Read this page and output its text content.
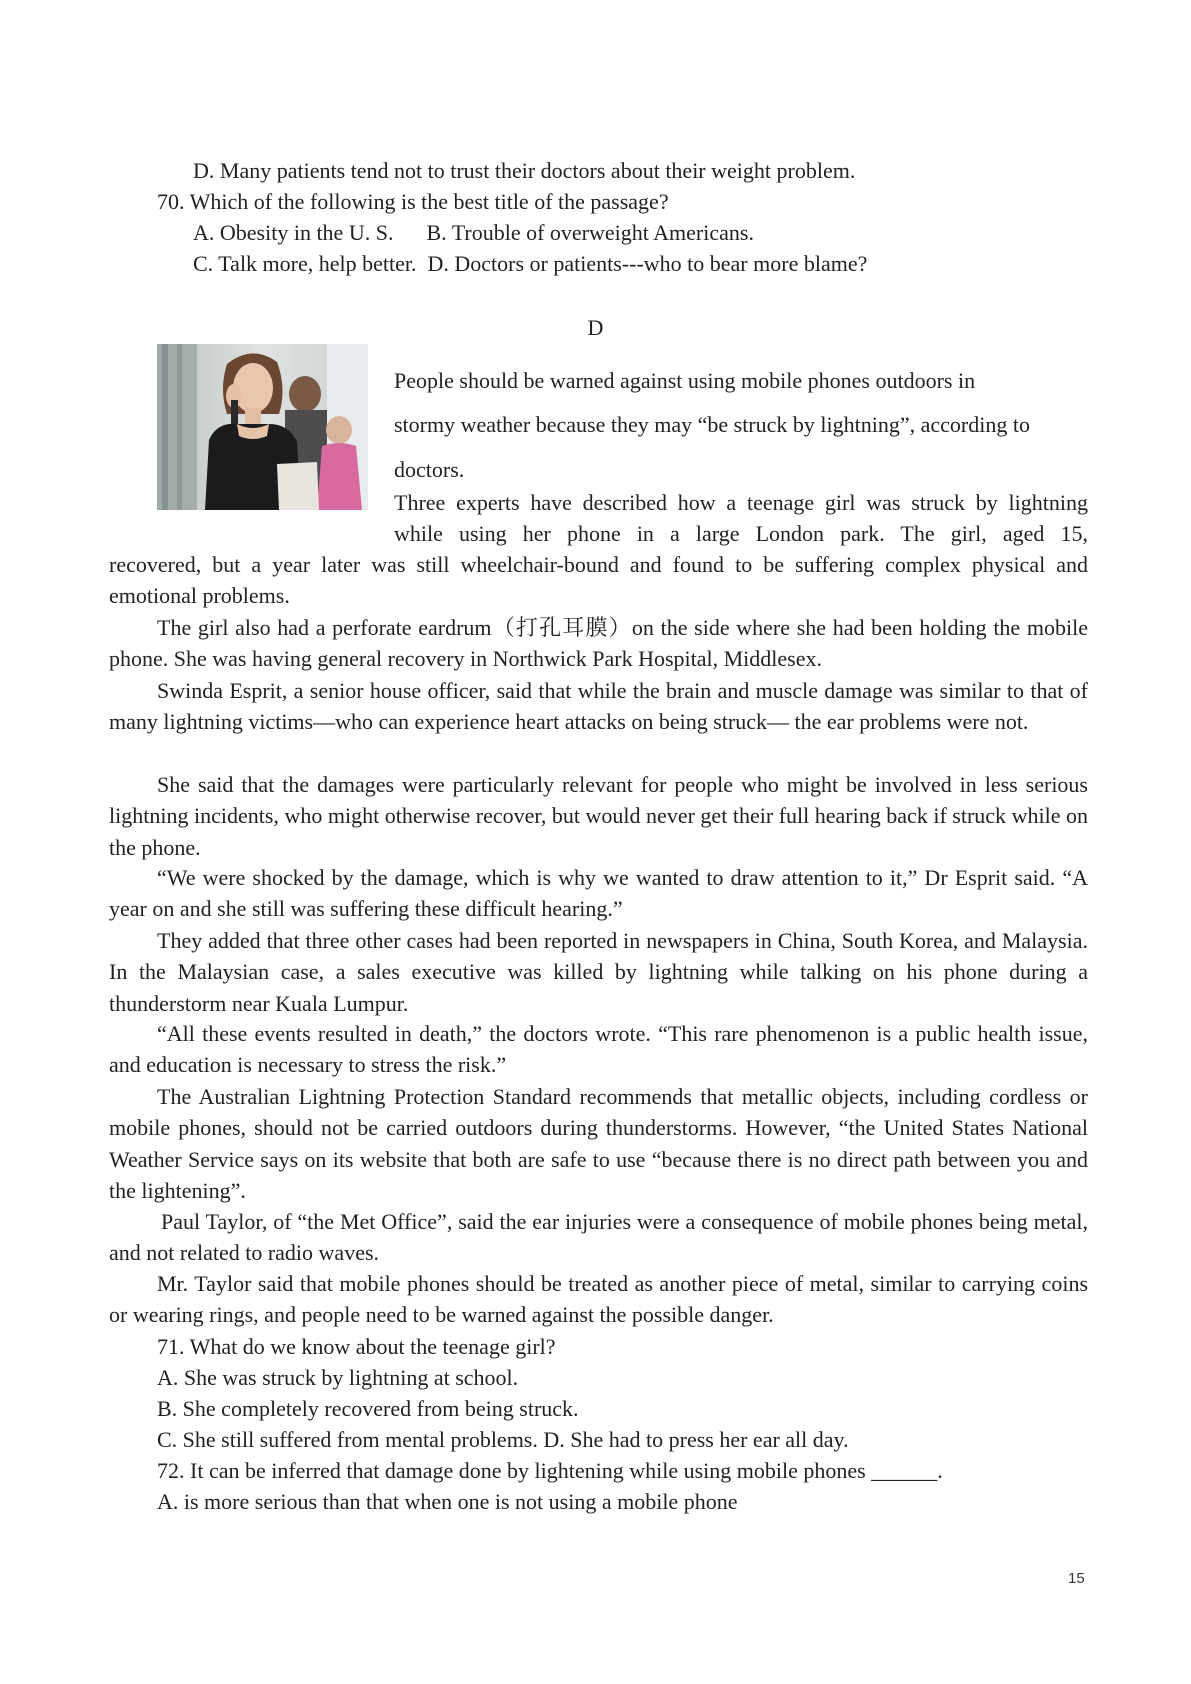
D. Many patients tend not to trust their doctors about their weight problem.
70. Which of the following is the best title of the passage?
A. Obesity in the U. S.      B. Trouble of overweight Americans.
C. Talk more, help better.  D. Doctors or patients---who to bear more blame?
D
People should be warned against using mobile phones outdoors in
stormy weather because they may “be struck by lightning”, according to
doctors.
Three experts have described how a teenage girl was struck by lightning
while using her phone in a large London park. The girl, aged 15,
recovered, but a year later was still wheelchair-bound and found to be suffering complex physical and emotional problems.
The girl also had a perforate eardrum（打孔耳膜）on the side where she had been holding the mobile phone. She was having general recovery in Northwick Park Hospital, Middlesex.
Swinda Esprit, a senior house officer, said that while the brain and muscle damage was similar to that of many lightning victims—who can experience heart attacks on being struck— the ear problems were not.
She said that the damages were particularly relevant for people who might be involved in less serious lightning incidents, who might otherwise recover, but would never get their full hearing back if struck while on the phone.
“We were shocked by the damage, which is why we wanted to draw attention to it,” Dr Esprit said. “A year on and she still was suffering these difficult hearing.”
They added that three other cases had been reported in newspapers in China, South Korea, and Malaysia. In the Malaysian case, a sales executive was killed by lightning while talking on his phone during a thunderstorm near Kuala Lumpur.
“All these events resulted in death,” the doctors wrote. “This rare phenomenon is a public health issue, and education is necessary to stress the risk.”
The Australian Lightning Protection Standard recommends that metallic objects, including cordless or mobile phones, should not be carried outdoors during thunderstorms. However, “the United States National Weather Service says on its website that both are safe to use “because there is no direct path between you and the lightening”.
Paul Taylor, of “the Met Office”, said the ear injuries were a consequence of mobile phones being metal, and not related to radio waves.
Mr. Taylor said that mobile phones should be treated as another piece of metal, similar to carrying coins or wearing rings, and people need to be warned against the possible danger.
71. What do we know about the teenage girl?
A. She was struck by lightning at school.
B. She completely recovered from being struck.
C. She still suffered from mental problems. D. She had to press her ear all day.
72. It can be inferred that damage done by lightening while using mobile phones ______.
A. is more serious than that when one is not using a mobile phone
15
